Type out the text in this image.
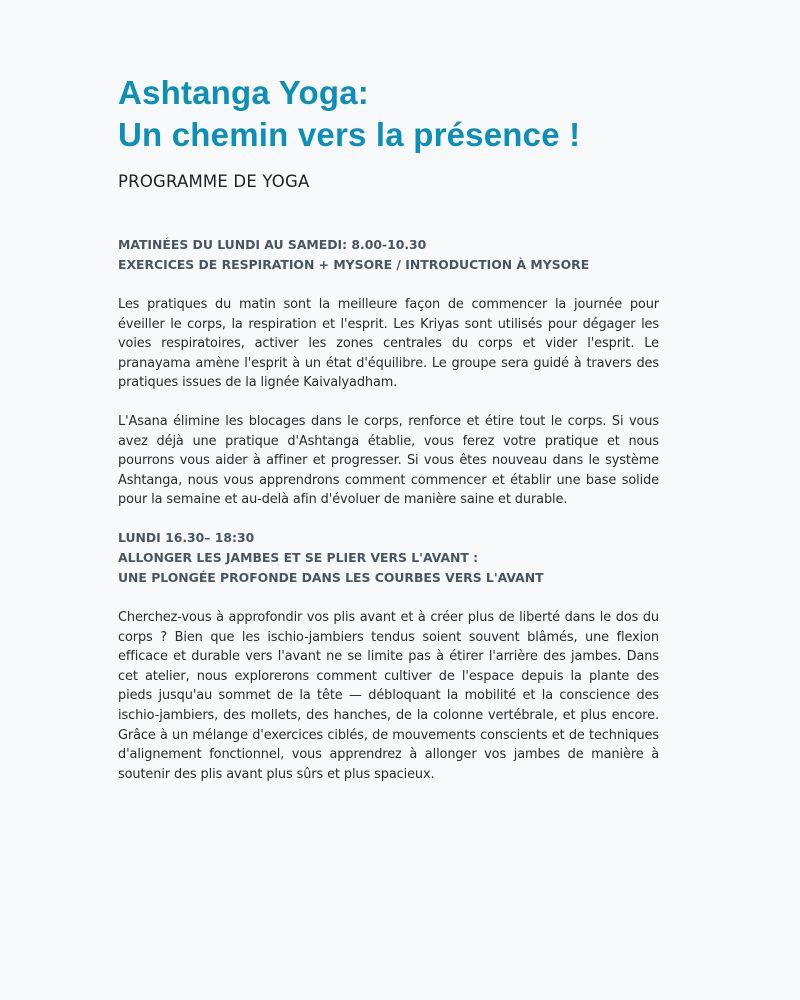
Ashtanga Yoga:
Un chemin vers la présence !

PROGRAMME DE YOGA

MATINÉES DU LUNDI AU SAMEDI: 8.00-10.30
EXERCICES DE RESPIRATION + MYSORE / INTRODUCTION À MYSORE

Les pratiques du matin sont la meilleure façon de commencer la journée pour éveiller le corps, la respiration et l'esprit. Les Kriyas sont utilisés pour dégager les voies respiratoires, activer les zones centrales du corps et vider l'esprit. Le pranayama amène l'esprit à un état d'équilibre. Le groupe sera guidé à travers des pratiques issues de la lignée Kaivalyadham.

L'Asana élimine les blocages dans le corps, renforce et étire tout le corps. Si vous avez déjà une pratique d'Ashtanga établie, vous ferez votre pratique et nous pourrons vous aider à affiner et progresser. Si vous êtes nouveau dans le système Ashtanga, nous vous apprendrons comment commencer et établir une base solide pour la semaine et au-delà afin d'évoluer de manière saine et durable.

LUNDI 16.30– 18:30
ALLONGER LES JAMBES ET SE PLIER VERS L'AVANT :
UNE PLONGÉE PROFONDE DANS LES COURBES VERS L'AVANT

Cherchez-vous à approfondir vos plis avant et à créer plus de liberté dans le dos du corps ? Bien que les ischio-jambiers tendus soient souvent blâmés, une flexion efficace et durable vers l'avant ne se limite pas à étirer l'arrière des jambes. Dans cet atelier, nous explorerons comment cultiver de l'espace depuis la plante des pieds jusqu'au sommet de la tête — débloquant la mobilité et la conscience des ischio-jambiers, des mollets, des hanches, de la colonne vertébrale, et plus encore. Grâce à un mélange d'exercices ciblés, de mouvements conscients et de techniques d'alignement fonctionnel, vous apprendrez à allonger vos jambes de manière à soutenir des plis avant plus sûrs et plus spacieux.
